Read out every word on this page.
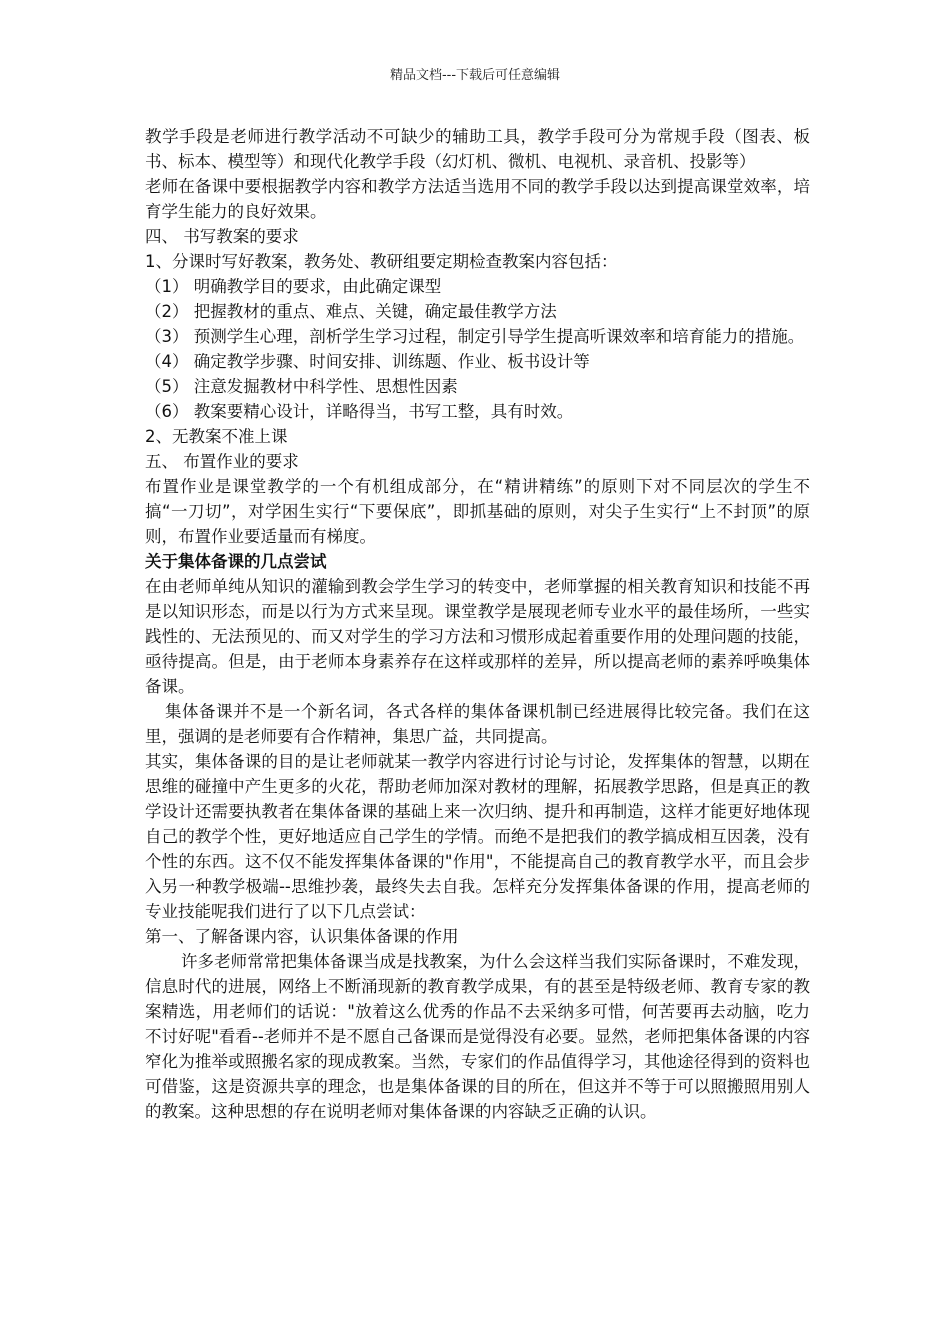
精品文档---下载后可任意编辑

教学手段是老师进行教学活动不可缺少的辅助工具，教学手段可分为常规手段（图表、板书、标本、模型等）和现代化教学手段（幻灯机、微机、电视机、录音机、投影等）

老师在备课中要根据教学内容和教学方法适当选用不同的教学手段以达到提高课堂效率，培育学生能力的良好效果。

四、 书写教案的要求

1、分课时写好教案，教务处、教研组要定期检查教案内容包括：

（1） 明确教学目的要求，由此确定课型

（2） 把握教材的重点、难点、关键，确定最佳教学方法

（3） 预测学生心理，剖析学生学习过程，制定引导学生提高听课效率和培育能力的措施。

（4） 确定教学步骤、时间安排、训练题、作业、板书设计等

（5） 注意发掘教材中科学性、思想性因素

（6） 教案要精心设计，详略得当，书写工整，具有时效。

2、无教案不准上课

五、 布置作业的要求

布置作业是课堂教学的一个有机组成部分，在“精讲精练”的原则下对不同层次的学生不搞“一刀切”，对学困生实行“下要保底”，即抓基础的原则，对尖子生实行“上不封顶”的原则，布置作业要适量而有梯度。

关于集体备课的几点尝试

在由老师单纯从知识的灌输到教会学生学习的转变中，老师掌握的相关教育知识和技能不再是以知识形态，而是以行为方式来呈现。课堂教学是展现老师专业水平的最佳场所，一些实践性的、无法预见的、而又对学生的学习方法和习惯形成起着重要作用的处理问题的技能，亟待提高。但是，由于老师本身素养存在这样或那样的差异，所以提高老师的素养呼唤集体备课。

集体备课并不是一个新名词，各式各样的集体备课机制已经进展得比较完备。我们在这里，强调的是老师要有合作精神，集思广益，共同提高。

其实，集体备课的目的是让老师就某一教学内容进行讨论与讨论，发挥集体的智慧，以期在思维的碰撞中产生更多的火花，帮助老师加深对教材的理解，拓展教学思路，但是真正的教学设计还需要执教者在集体备课的基础上来一次归纳、提升和再制造，这样才能更好地体现自己的教学个性，更好地适应自己学生的学情。而绝不是把我们的教学搞成相互因袭，没有个性的东西。这不仅不能发挥集体备课的"作用"，不能提高自己的教育教学水平，而且会步入另一种教学极端--思维抄袭，最终失去自我。怎样充分发挥集体备课的作用，提高老师的专业技能呢我们进行了以下几点尝试：

第一、了解备课内容，认识集体备课的作用

许多老师常常把集体备课当成是找教案，为什么会这样当我们实际备课时，不难发现，信息时代的进展，网络上不断涌现新的教育教学成果，有的甚至是特级老师、教育专家的教案精选，用老师们的话说："放着这么优秀的作品不去采纳多可惜，何苦要再去动脑，吃力不讨好呢"看看--老师并不是不愿自己备课而是觉得没有必要。显然，老师把集体备课的内容窄化为推举或照搬名家的现成教案。当然，专家们的作品值得学习，其他途径得到的资料也可借鉴，这是资源共享的理念，也是集体备课的目的所在，但这并不等于可以照搬照用别人的教案。这种思想的存在说明老师对集体备课的内容缺乏正确的认识。
